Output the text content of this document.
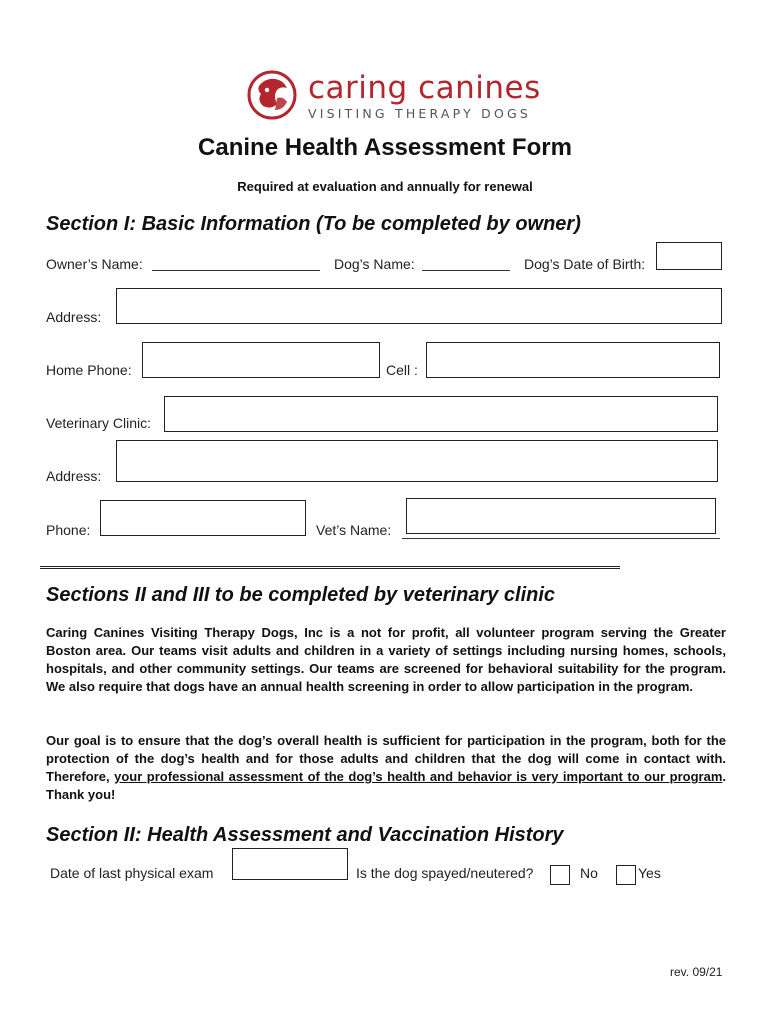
caring canines
VISITING THERAPY DOGS
Canine Health Assessment Form
Required at evaluation and annually for renewal
Section I: Basic Information (To be completed by owner)
Owner’s Name:	Dog’s Name:	Dog’s Date of Birth:
Address:
Home Phone:	Cell :
Veterinary Clinic:
Address:
Phone:	Vet’s Name:
Sections II and III to be completed by veterinary clinic
Caring Canines Visiting Therapy Dogs, Inc is a not for profit, all volunteer program serving the Greater Boston area. Our teams visit adults and children in a variety of settings including nursing homes, schools, hospitals, and other community settings. Our teams are screened for behavioral suitability for the program. We also require that dogs have an annual health screening in order to allow participation in the program.
Our goal is to ensure that the dog’s overall health is sufficient for participation in the program, both for the protection of the dog’s health and for those adults and children that the dog will come in contact with. Therefore, your professional assessment of the dog’s health and behavior is very important to our program. Thank you!
Section II: Health Assessment and Vaccination History
Date of last physical exam	Is the dog spayed/neutered?	No	Yes
rev. 09/21
